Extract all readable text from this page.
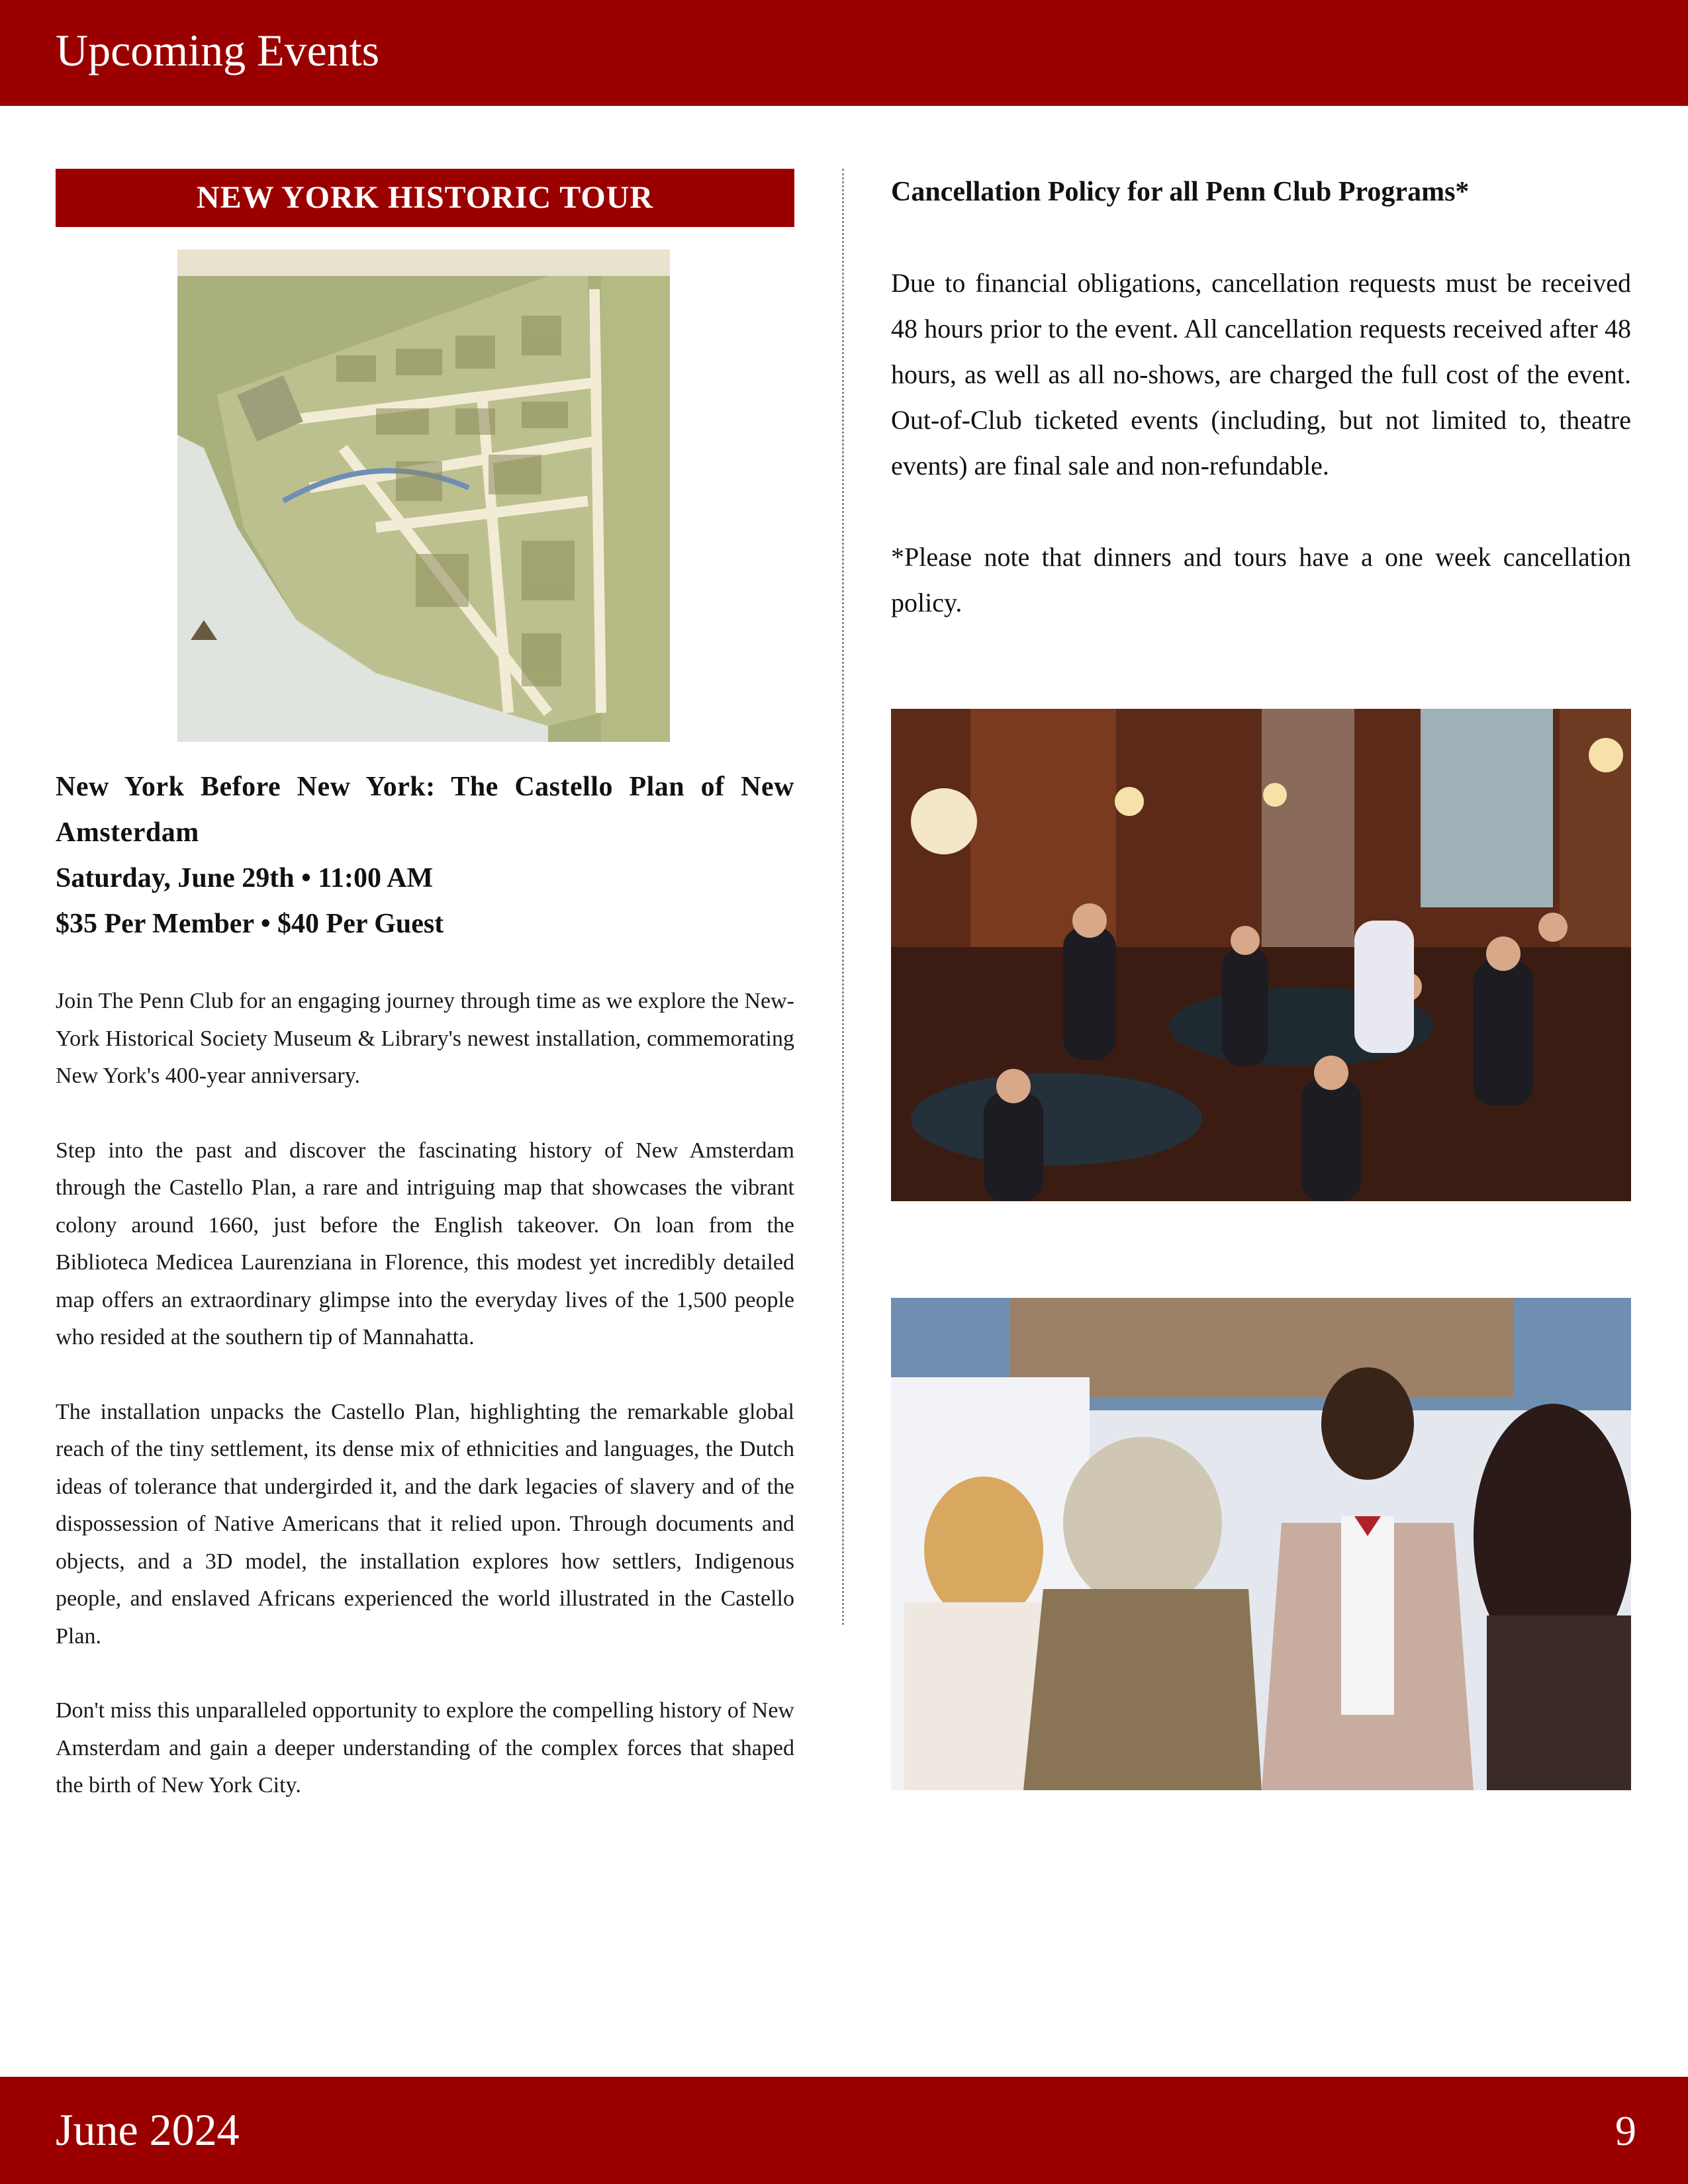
Upcoming Events
NEW YORK HISTORIC TOUR
New York Before New York: The Castello Plan of New Amsterdam
Saturday, June 29th • 11:00 AM
$35 Per Member • $40 Per Guest

Join The Penn Club for an engaging journey through time as we explore the New-York Historical Society Museum & Library's newest installation, commemorating New York's 400-year anniversary.

Step into the past and discover the fascinating history of New Amsterdam through the Castello Plan, a rare and intriguing map that showcases the vibrant colony around 1660, just before the English takeover. On loan from the Biblioteca Medicea Laurenziana in Florence, this modest yet incredibly detailed map offers an extraordinary glimpse into the everyday lives of the 1,500 people who resided at the southern tip of Mannahatta.

The installation unpacks the Castello Plan, highlighting the remarkable global reach of the tiny settlement, its dense mix of ethnicities and languages, the Dutch ideas of tolerance that undergirded it, and the dark legacies of slavery and of the dispossession of Native Americans that it relied upon. Through documents and objects, and a 3D model, the installation explores how settlers, Indigenous people, and enslaved Africans experienced the world illustrated in the Castello Plan.

Don't miss this unparalleled opportunity to explore the compelling history of New Amsterdam and gain a deeper understanding of the complex forces that shaped the birth of New York City.

Cancellation Policy for all Penn Club Programs*
Due to financial obligations, cancellation requests must be received 48 hours prior to the event. All cancellation requests received after 48 hours, as well as all no-shows, are charged the full cost of the event. Out-of-Club ticketed events (including, but not limited to, theatre events) are final sale and non-refundable.
*Please note that dinners and tours have a one week cancellation policy.
June 2024	9
